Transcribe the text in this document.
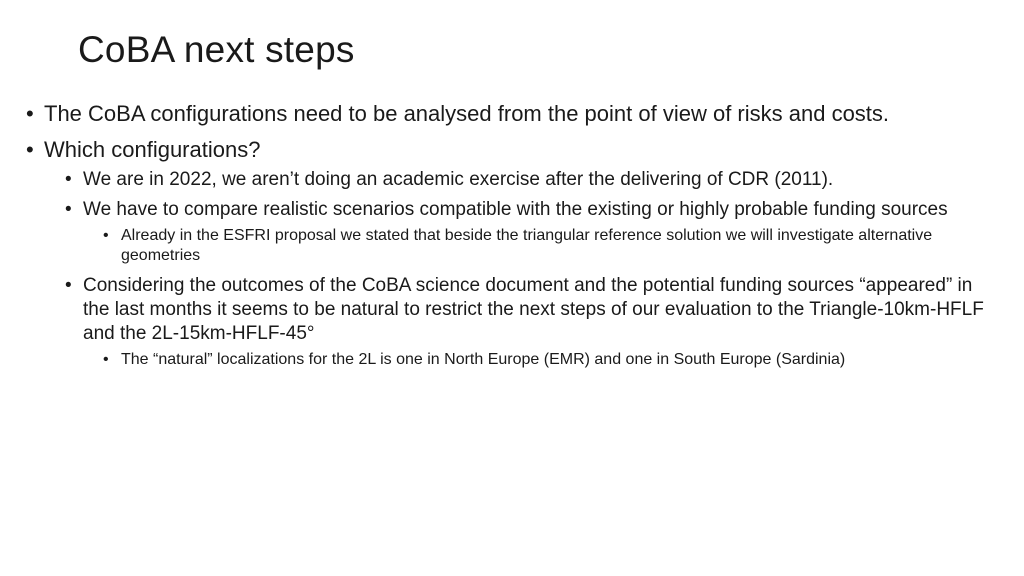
CoBA next steps
• The CoBA configurations need to be analysed from the point of view of risks and costs.
• Which configurations?
• We are in 2022, we aren’t doing an academic exercise after the delivering of CDR (2011).
• We have to compare realistic scenarios compatible with the existing or highly probable funding sources
• Already in the ESFRI proposal we stated that beside the triangular reference solution we will investigate alternative geometries
• Considering the outcomes of the CoBA science document and the potential funding sources “appeared” in the last months it seems to be natural to restrict the next steps of our evaluation to the Triangle-10km-HFLF and the 2L-15km-HFLF-45°
• The “natural” localizations for the 2L is one in North Europe (EMR) and one in South Europe (Sardinia)
